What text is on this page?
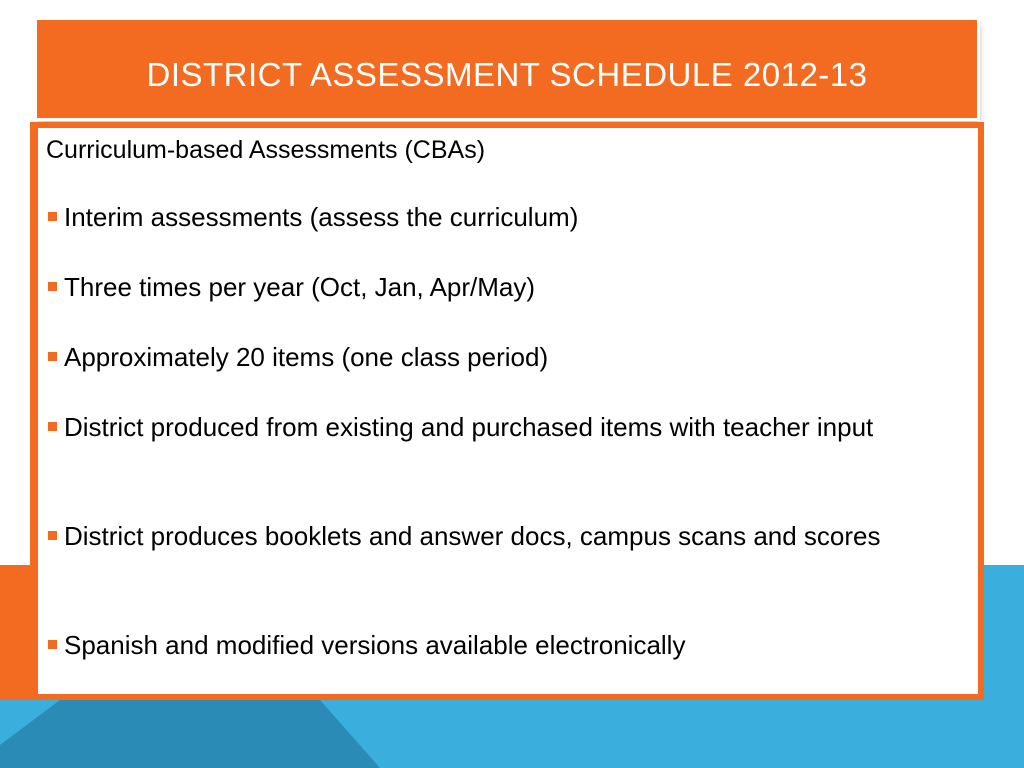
DISTRICT ASSESSMENT SCHEDULE 2012-13
Curriculum-based Assessments (CBAs)
Interim assessments (assess the curriculum)
Three times per year (Oct, Jan, Apr/May)
Approximately 20 items (one class period)
District produced from existing and purchased items with teacher input
District produces booklets and answer docs, campus scans and scores
Spanish and modified versions available electronically
